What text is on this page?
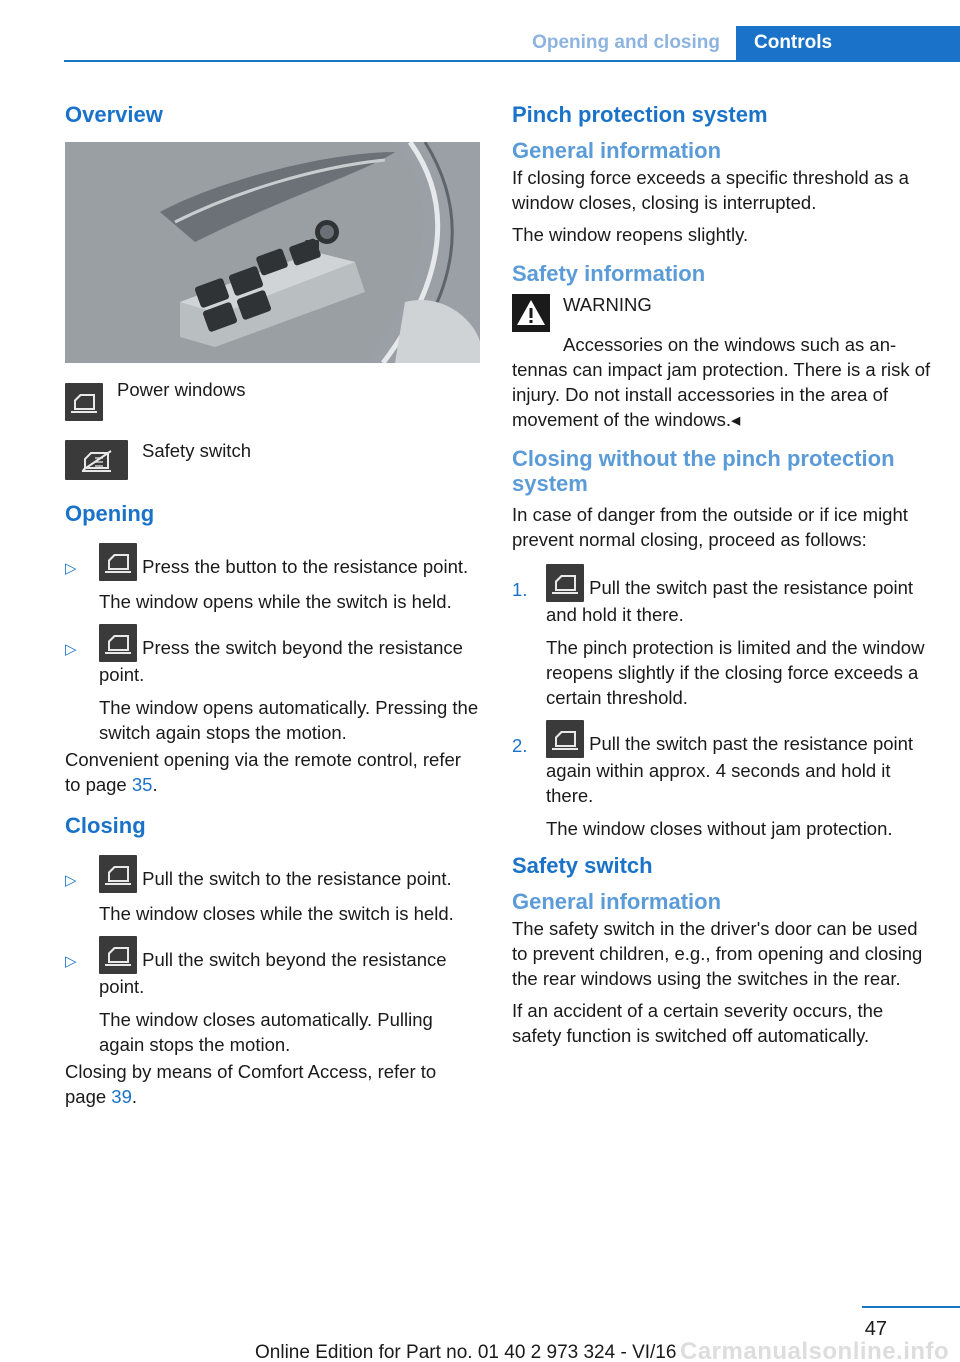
Opening and closing	Controls
Overview

Power windows

Safety switch

Opening
▷	Press the button to the resistance point.

The window opens while the switch is held.

▷	Press the switch beyond the resistance point.

The window opens automatically. Pressing the switch again stops the motion.

Convenient opening via the remote control, refer to page 35.

Closing
▷	Pull the switch to the resistance point.

The window closes while the switch is held.

▷	Pull the switch beyond the resistance point.

The window closes automatically. Pulling again stops the motion.

Closing by means of Comfort Access, refer to page 39.

Pinch protection system
General information

If closing force exceeds a specific threshold as a window closes, closing is interrupted.

The window reopens slightly.

Safety information

WARNING

Accessories on the windows such as antennas can impact jam protection. There is a risk of injury. Do not install accessories in the area of movement of the windows.◂

Closing without the pinch protection system

In case of danger from the outside or if ice might prevent normal closing, proceed as follows:

1.	Pull the switch past the resistance point and hold it there.

The pinch protection is limited and the window reopens slightly if the closing force exceeds a certain threshold.

2.	Pull the switch past the resistance point again within approx. 4 seconds and hold it there.

The window closes without jam protection.

Safety switch
General information

The safety switch in the driver's door can be used to prevent children, e.g., from opening and closing the rear windows using the switches in the rear.

If an accident of a certain severity occurs, the safety function is switched off automatically.

47
Carmanualsonline.info
Online Edition for Part no. 01 40 2 973 324 - VI/16
